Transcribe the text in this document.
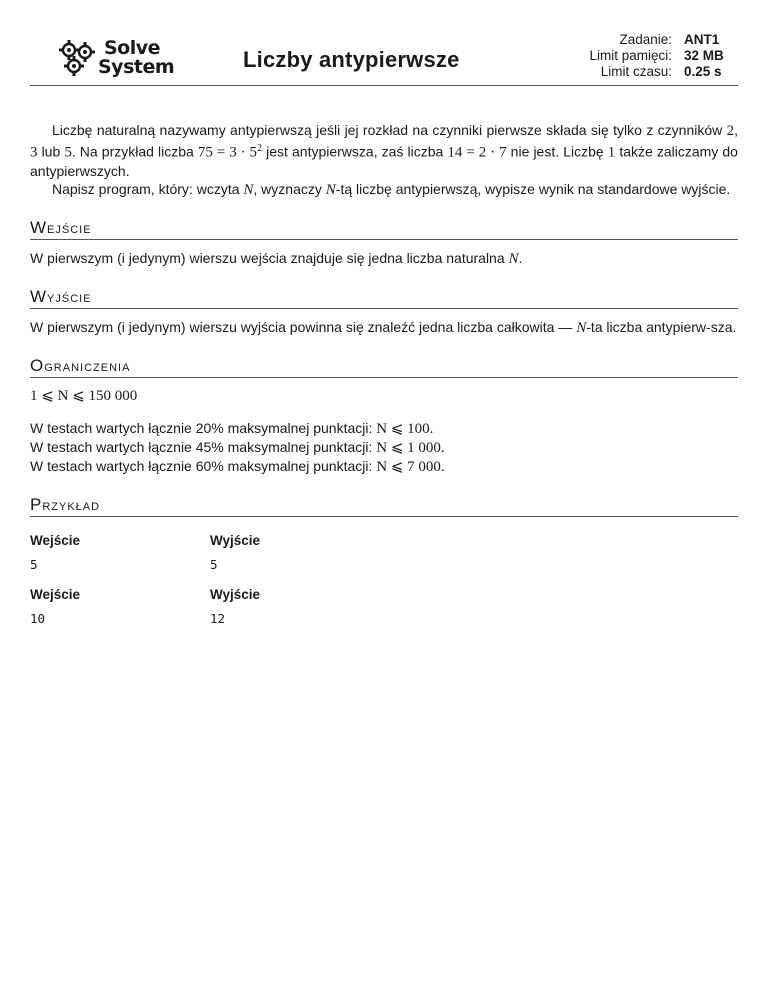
Solve
System	Liczby antypierwsze
Zadanie: ANT1
Limit pamięci: 32 MB
Limit czasu: 0.25 s

Liczbę naturalną nazywamy antypierwszą jeśli jej rozkład na czynniki pierwsze składa się tylko z czynników 2, 3 lub 5. Na przykład liczba $75 = 3 \cdot 5^2$ jest antypierwsza, zaś liczba 14 = 2 · 7 nie jest. Liczbę 1 także zaliczamy do antypierwszych.

Napisz program, który: wczyta N, wyznaczy N-tą liczbę antypierwszą, wypisze wynik na standardowe wyjście.

Wejście

W pierwszym (i jedynym) wierszu wejścia znajduje się jedna liczba naturalna N.

Wyjście

W pierwszym (i jedynym) wierszu wyjścia powinna się znaleźć jedna liczba całkowita — N-ta liczba antypierw-sza.

Ograniczenia

1 ⩽ N ⩽ 150 000

W testach wartych łącznie 20% maksymalnej punktacji: N ⩽ 100.

W testach wartych łącznie 45% maksymalnej punktacji: N ⩽ 1 000.

W testach wartych łącznie 60% maksymalnej punktacji: N ⩽ 7 000.

Przykład
Wejście	Wyjście
5	5
Wejście	Wyjście
10	12
